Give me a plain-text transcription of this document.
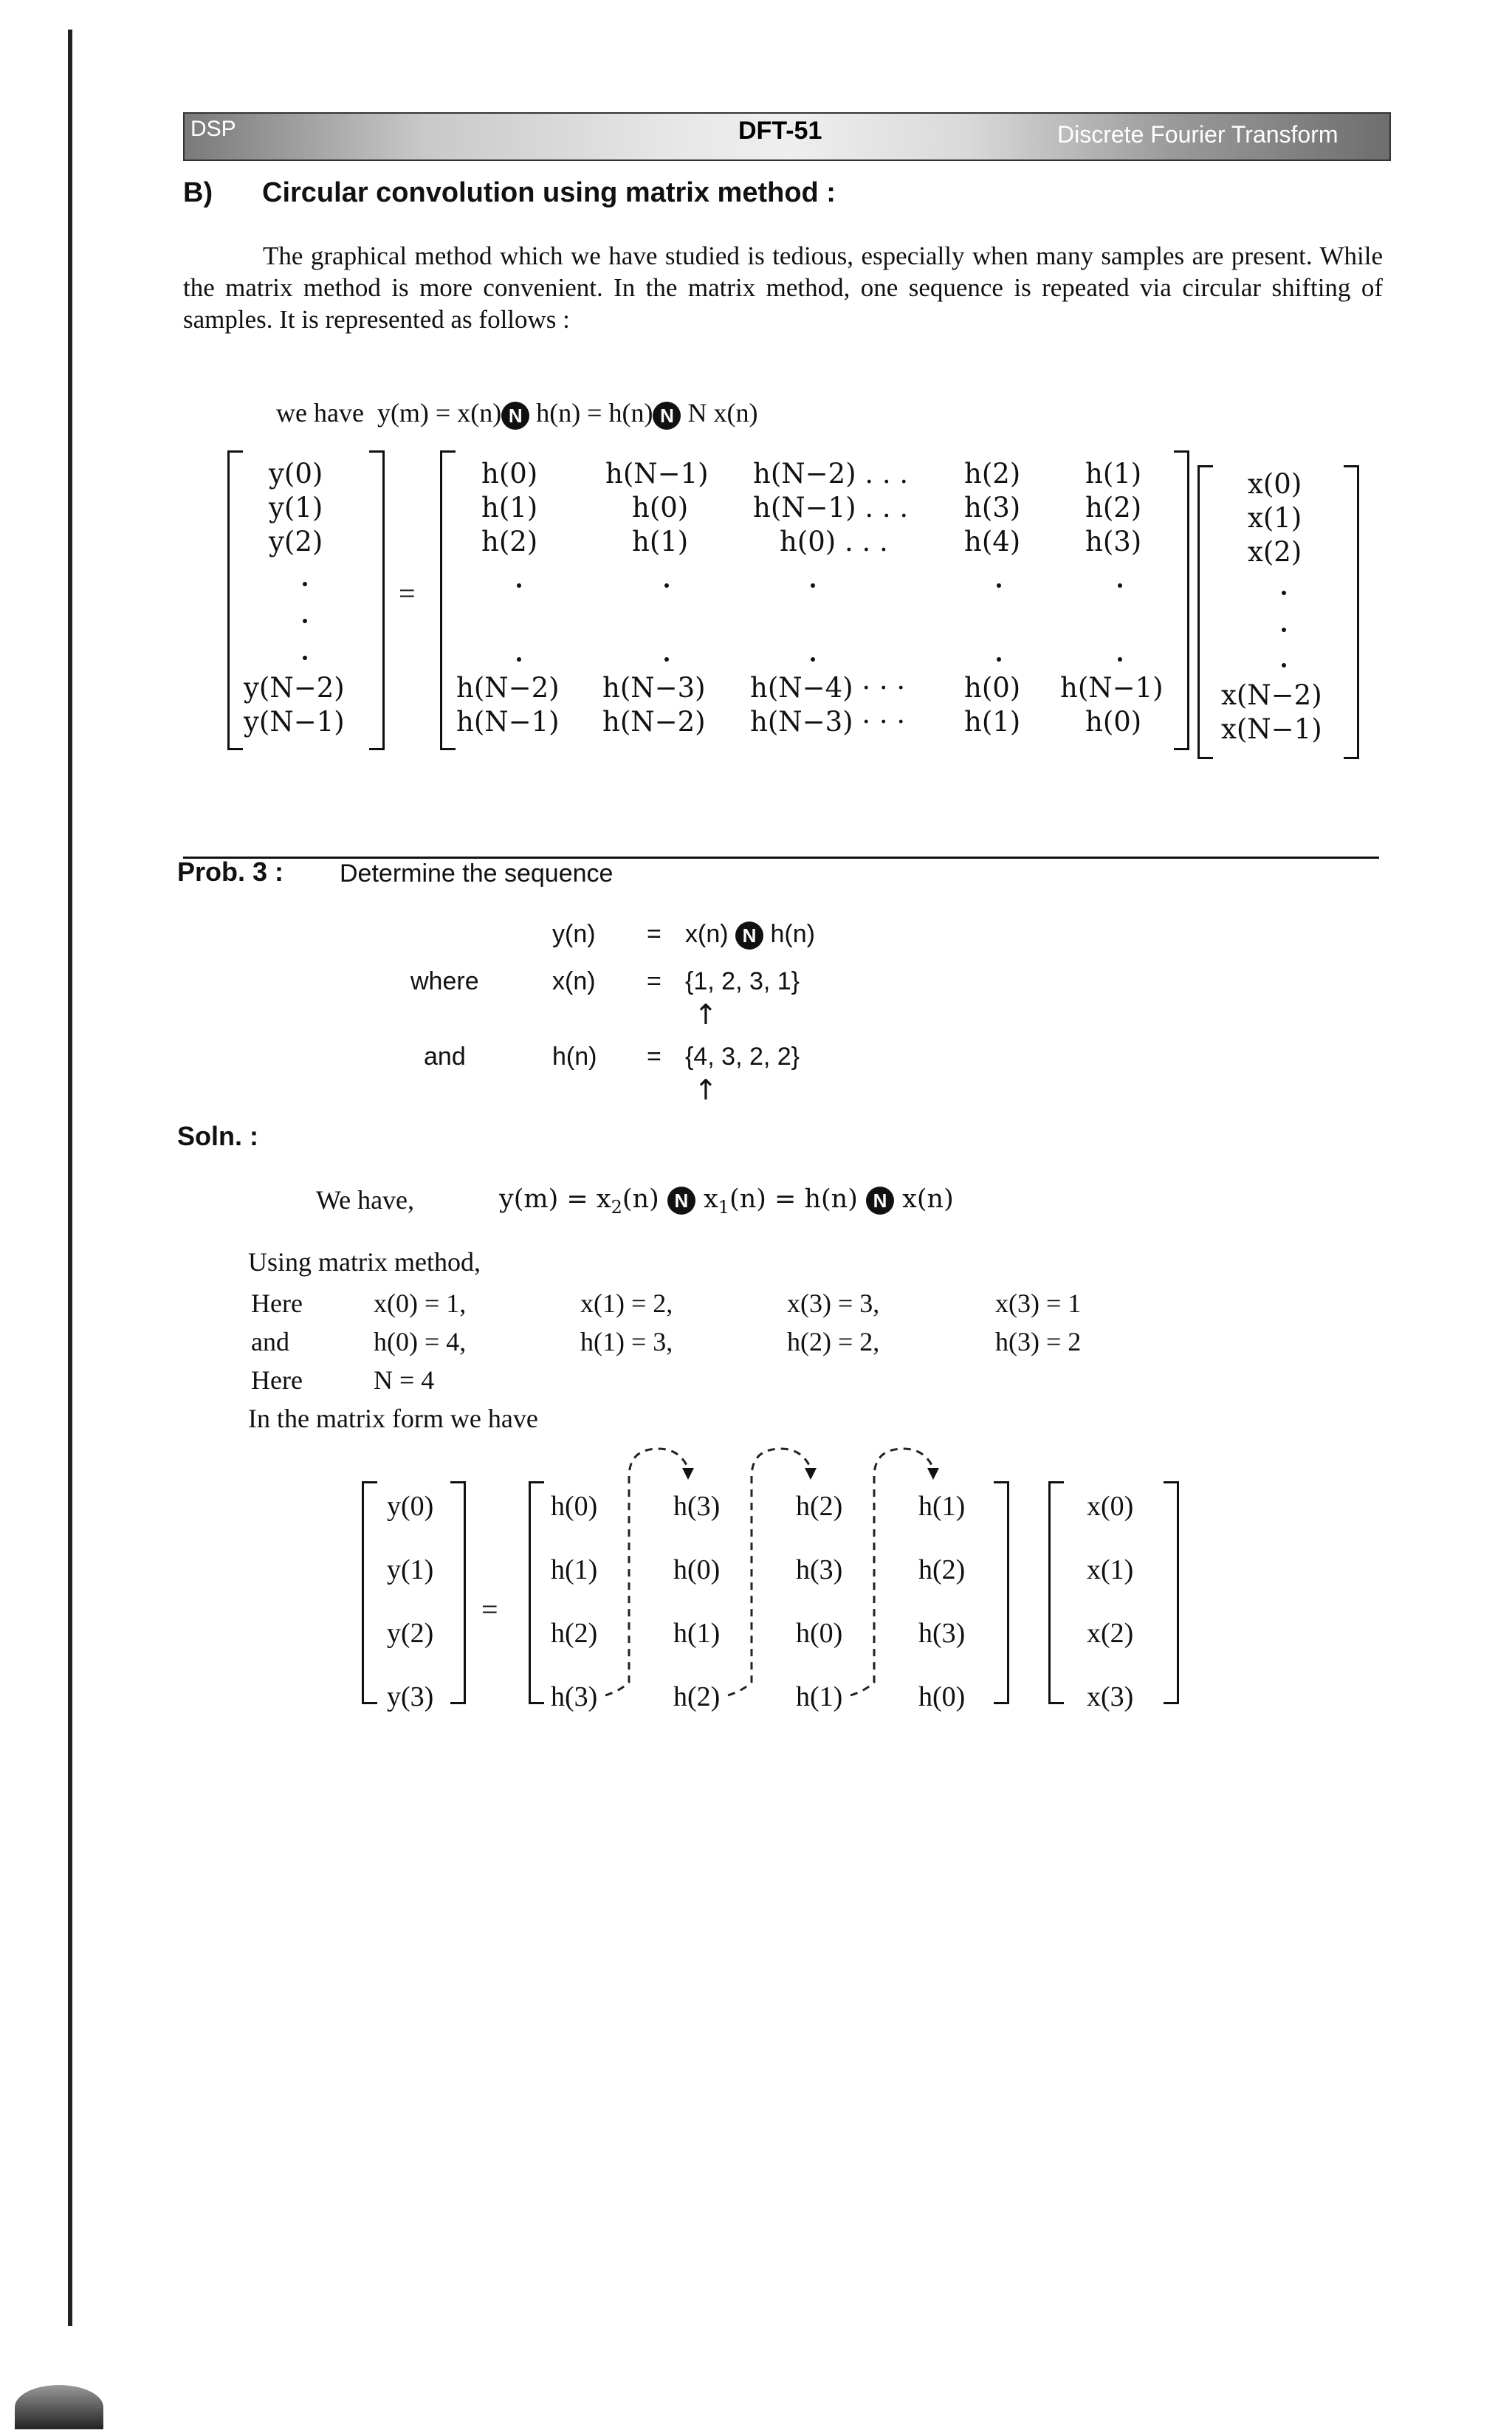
DSP	DFT-51	Discrete Fourier Transform
B) Circular convolution using matrix method :
The graphical method which we have studied is tedious, especially when many samples are present. While the matrix method is more convenient. In the matrix method, one sequence is repeated via circular shifting of samples. It is represented as follows :

we have y(m) = x(n) N h(n) = h(n) N N x(n)

y(0)
y(1)
y(2)
y(N−2)
y(N−1)
=
h(0) h(N−1) h(N−2) . . . h(2) h(1)
h(1)	h(0) h(N−1) . . . h(3) h(2)
h(2)	h(1)	h(0) . . .	h(4) h(3)
h(N−2) h(N−3) h(N−4) · · · h(0) h(N−1)
h(N−1) h(N−2) h(N−3) · · · h(1) h(0)
x(0)
x(1)
x(2)
x(N−2)
x(N−1)
Prob. 3 : Determine the sequence
y(n) = x(n) N h(n)
where	x(n) = {1, 2, 3, 1}
↑
and	h(n) = {4, 3, 2, 2}
↑
Soln. :
We have,	$y(m) = x_2(n)$ N $x_1(n) = h(n)$ N x(n)
Using matrix method,
Here	x(0) = 1,	x(1) = 2,	x(3) = 3,	x(3) = 1
and	h(0) = 4,	h(1) = 3,	h(2) = 2,	h(3) = 2
Here	N = 4
In the matrix form we have
y(0)
y(1)
y(2)
y(3)
=
h(0)	h(3)	h(2)	h(1)
h(1)	h(0)	h(3)	h(2)
h(2)	h(1)	h(0)	h(3)
h(3)	h(2)	h(1)	h(0)
x(0)
x(1)
x(2)
x(3)
